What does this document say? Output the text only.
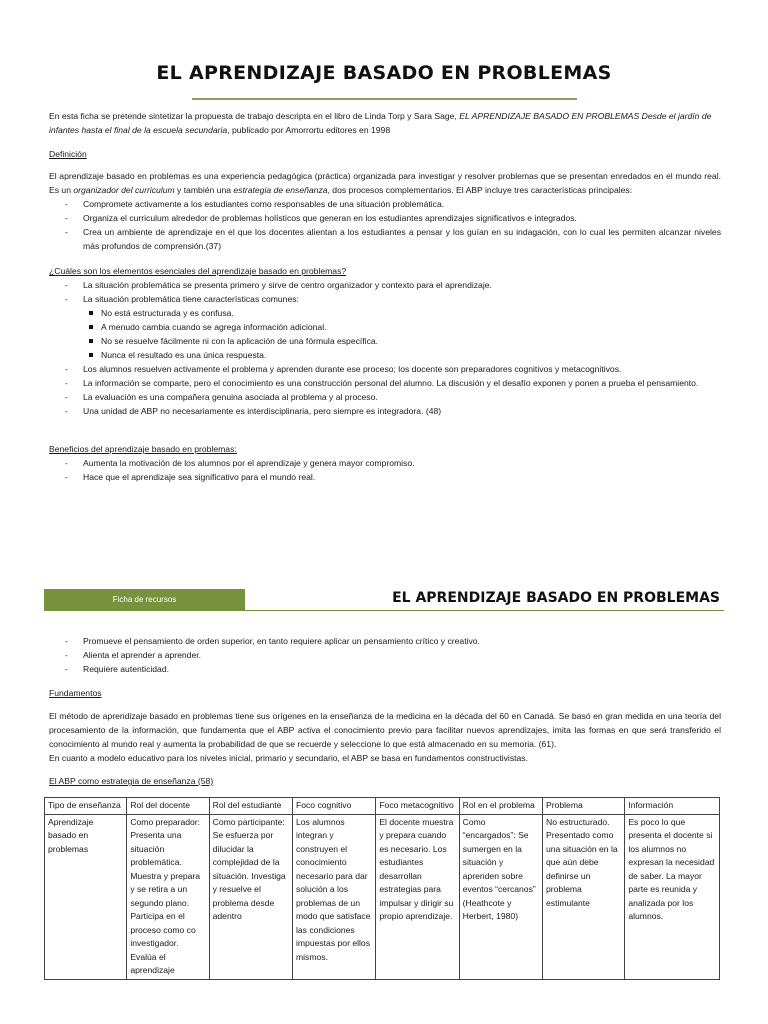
EL APRENDIZAJE BASADO EN PROBLEMAS
En esta ficha se pretende sintetizar la propuesta de trabajo descripta en el libro de Linda Torp y Sara Sage, EL APRENDIZAJE BASADO EN PROBLEMAS Desde el jardín de infantes hasta el final de la escuela secundaria, publicado por Amorrortu editores en 1998
Definición
El aprendizaje basado en problemas es una experiencia pedagógica (práctica) organizada para investigar y resolver problemas que se presentan enredados en el mundo real. Es un organizador del curriculum y también una estrategia de enseñanza, dos procesos complementarios. El ABP incluye tres características principales:
- Compromete activamente a los estudiantes como responsables de una situación problemática.
- Organiza el curriculum alrededor de problemas holísticos que generan en los estudiantes aprendizajes significativos e integrados.
- Crea un ambiente de aprendizaje en el que los docentes alientan a los estudiantes a pensar y los guían en su indagación, con lo cual les permiten alcanzar niveles más profundos de comprensión.(37)
¿Cuáles son los elementos esenciales del aprendizaje basado en problemas?
- La situación problemática se presenta primero y sirve de centro organizador y contexto para el aprendizaje.
- La situación problemática tiene características comunes:
No está estructurada y es confusa.
A menudo cambia cuando se agrega información adicional.
No se resuelve fácilmente ni con la aplicación de una fórmula específica.
Nunca el resultado es una única respuesta.
- Los alumnos resuelven activamente el problema y aprenden durante ese proceso; los docente son preparadores cognitivos y metacognitivos.
- La información se comparte, pero el conocimiento es una construcción personal del alumno. La discusión y el desafío exponen y ponen a prueba el pensamiento.
- La evaluación es una compañera genuina asociada al problema y al proceso.
- Una unidad de ABP no necesariamente es interdisciplinaria, pero siempre es integradora. (48)
Beneficios del aprendizaje basado en problemas:
- Aumenta la motivación de los alumnos por el aprendizaje y genera mayor compromiso.
- Hace que el aprendizaje sea significativo para el mundo real.
Ficha de recursos	EL APRENDIZAJE BASADO EN PROBLEMAS
- Promueve el pensamiento de orden superior, en tanto requiere aplicar un pensamiento crítico y creativo.
- Alienta el aprender a aprender.
- Requiere autenticidad.
Fundamentos
El método de aprendizaje basado en problemas tiene sus orígenes en la enseñanza de la medicina en la década del 60 en Canadá. Se basó en gran medida en una teoría del procesamiento de la información, que fundamenta que el ABP activa el conocimiento previo para facilitar nuevos aprendizajes, imita las formas en que será transferido el conocimiento al mundo real y aumenta la probabilidad de que se recuerde y seleccione lo que está almacenado en su memoria. (61).
En cuanto a modelo educativo para los niveles inicial, primario y secundario, el ABP se basa en fundamentos constructivistas.
El ABP como estrategia de enseñanza (58)
Tipo de enseñanza	Rol del docente	Rol del estudiante	Foco cognitivo	Foco metacognitivo	Rol en el problema	Problema	Información
Aprendizaje basado en problemas	Como preparador: Presenta una situación problemática. Muestra y prepara y se retira a un segundo plano. Participa en el proceso como co investigador. Evalúa el aprendizaje	Como participante: Se esfuerza por dilucidar la complejidad de la situación. Investiga y resuelve el problema desde adentro	Los alumnos integran y construyen el conocimiento necesario para dar solución a los problemas de un modo que satisface las condiciones impuestas por ellos mismos.	El docente muestra y prepara cuando es necesario. Los estudiantes desarrollan estrategias para impulsar y dirigir su propio aprendizaje.	Como “encargados”: Se sumergen en la situación y aprenden sobre eventos “cercanos” (Heathcote y Herbert, 1980)	No estructurado. Presentado como una situación en la que aún debe definirse un problema estimulante	Es poco lo que presenta el docente si los alumnos no expresan la necesidad de saber. La mayor parte es reunida y analizada por los alumnos.
